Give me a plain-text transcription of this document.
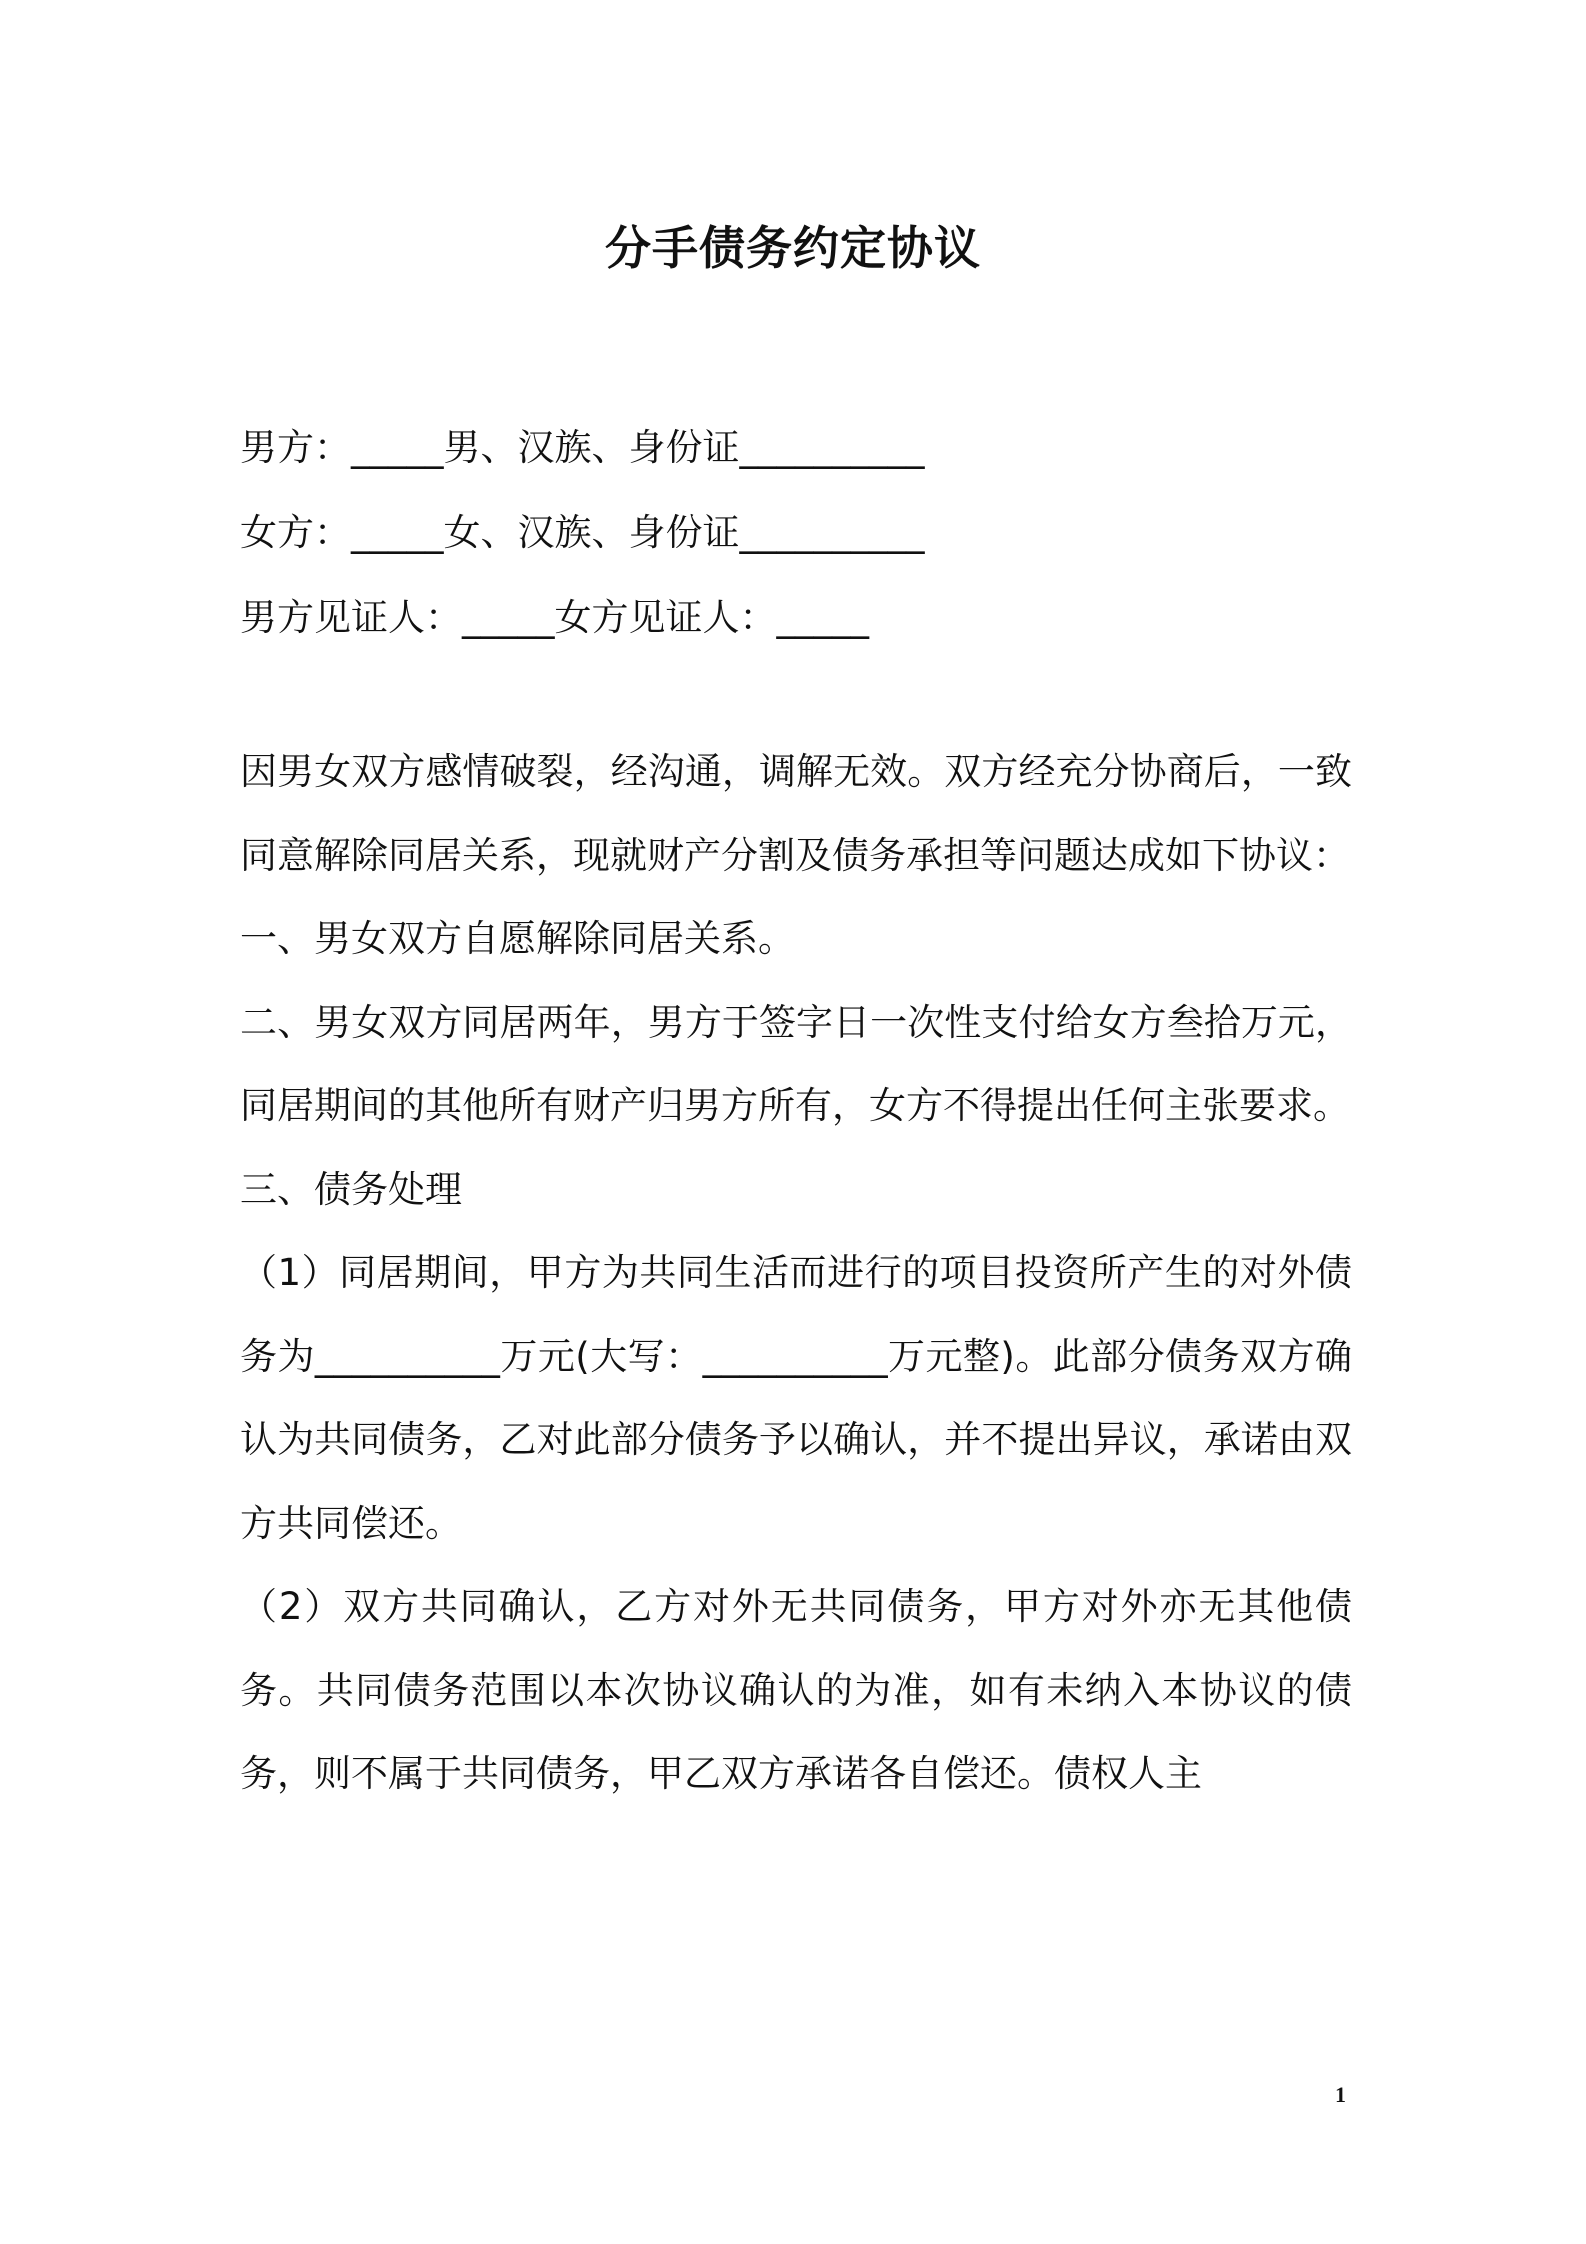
分手债务约定协议
男方：_____男、汉族、身份证__________
女方：_____女、汉族、身份证__________
男方见证人：_____女方见证人：_____

因男女双方感情破裂，经沟通，调解无效。双方经充分协商后，一致同意解除同居关系，现就财产分割及债务承担等问题达成如下协议：

一、男女双方自愿解除同居关系。

二、男女双方同居两年，男方于签字日一次性支付给女方叁拾万元，同居期间的其他所有财产归男方所有，女方不得提出任何主张要求。

三、债务处理

（1）同居期间，甲方为共同生活而进行的项目投资所产生的对外债务为__________万元(大写：__________万元整)。此部分债务双方确认为共同债务，乙对此部分债务予以确认，并不提出异议，承诺由双方共同偿还。

（2）双方共同确认，乙方对外无共同债务，甲方对外亦无其他债务。共同债务范围以本次协议确认的为准，如有未纳入本协议的债务，则不属于共同债务，甲乙双方承诺各自偿还。债权人主

1
